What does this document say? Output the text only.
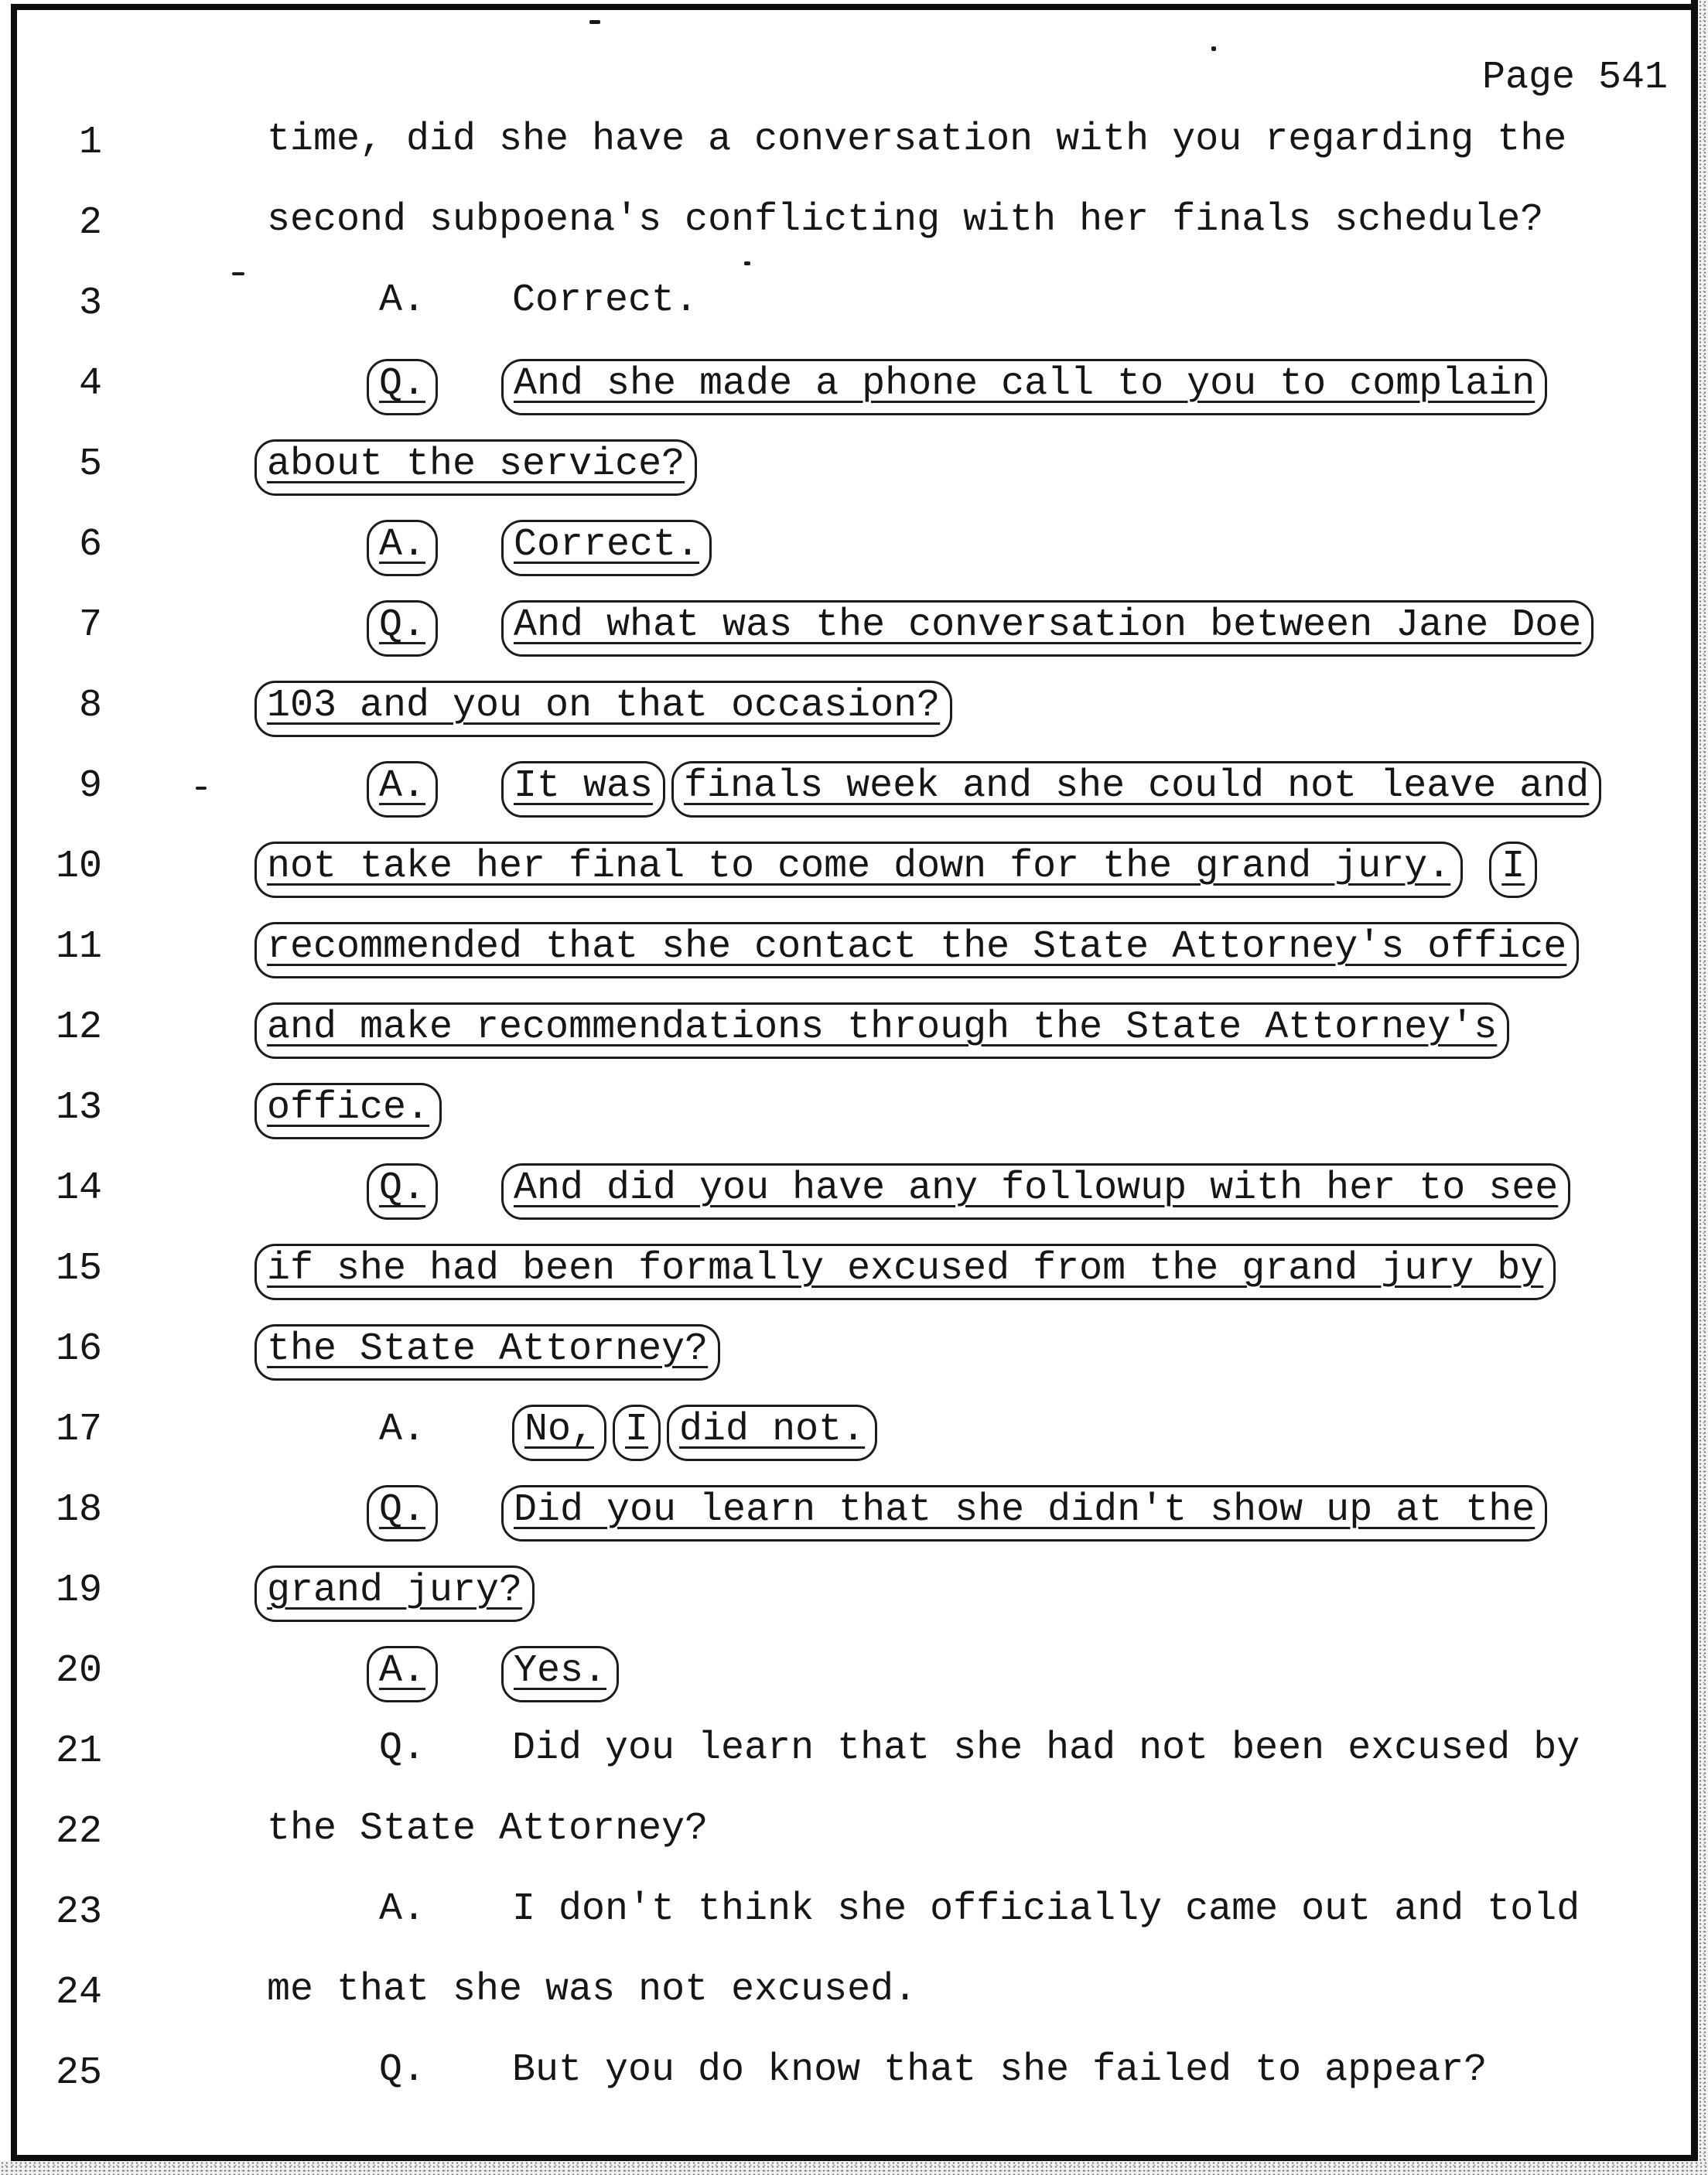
Page 541
1	time, did she have a conversation with you regarding the
2	second subpoena's conflicting with her finals schedule?
3	A. Correct.
4	Q. And she made a phone call to you to complain
5	about the service?
6	A. Correct.
7	Q. And what was the conversation between Jane Doe
8	103 and you on that occasion?
9	A. It was finals week and she could not leave and
10	not take her final to come down for the grand jury. I
11	recommended that she contact the State Attorney's office
12	and make recommendations through the State Attorney's
13	office.
14	Q. And did you have any followup with her to see
15	if she had been formally excused from the grand jury by
16	the State Attorney?
17	A.	No, I did not.
18	Q. Did you learn that she didn't show up at the
19	grand jury?
20	A. Yes.
21	Q. Did you learn that she had not been excused by
22	the State Attorney?
23	A. I don't think she officially came out and told
24	me that she was not excused.
25	Q. But you do know that she failed to appear?
